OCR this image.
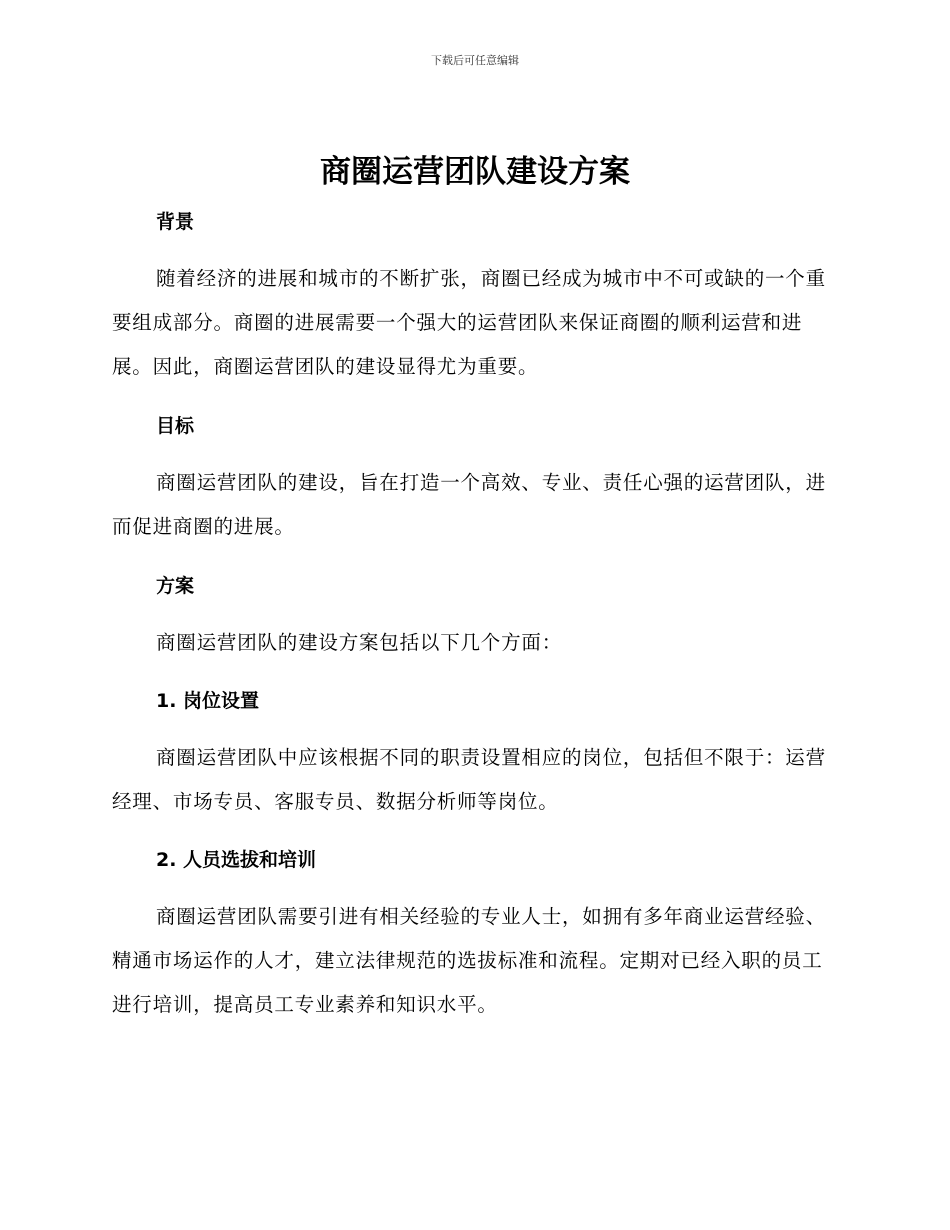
下载后可任意编辑
商圈运营团队建设方案
背景

随着经济的进展和城市的不断扩张，商圈已经成为城市中不可或缺的一个重要组成部分。商圈的进展需要一个强大的运营团队来保证商圈的顺利运营和进展。因此，商圈运营团队的建设显得尤为重要。

目标

商圈运营团队的建设，旨在打造一个高效、专业、责任心强的运营团队，进而促进商圈的进展。

方案

商圈运营团队的建设方案包括以下几个方面：

1. 岗位设置

商圈运营团队中应该根据不同的职责设置相应的岗位，包括但不限于：运营经理、市场专员、客服专员、数据分析师等岗位。

2. 人员选拔和培训

商圈运营团队需要引进有相关经验的专业人士，如拥有多年商业运营经验、精通市场运作的人才，建立法律规范的选拔标准和流程。定期对已经入职的员工进行培训，提高员工专业素养和知识水平。
